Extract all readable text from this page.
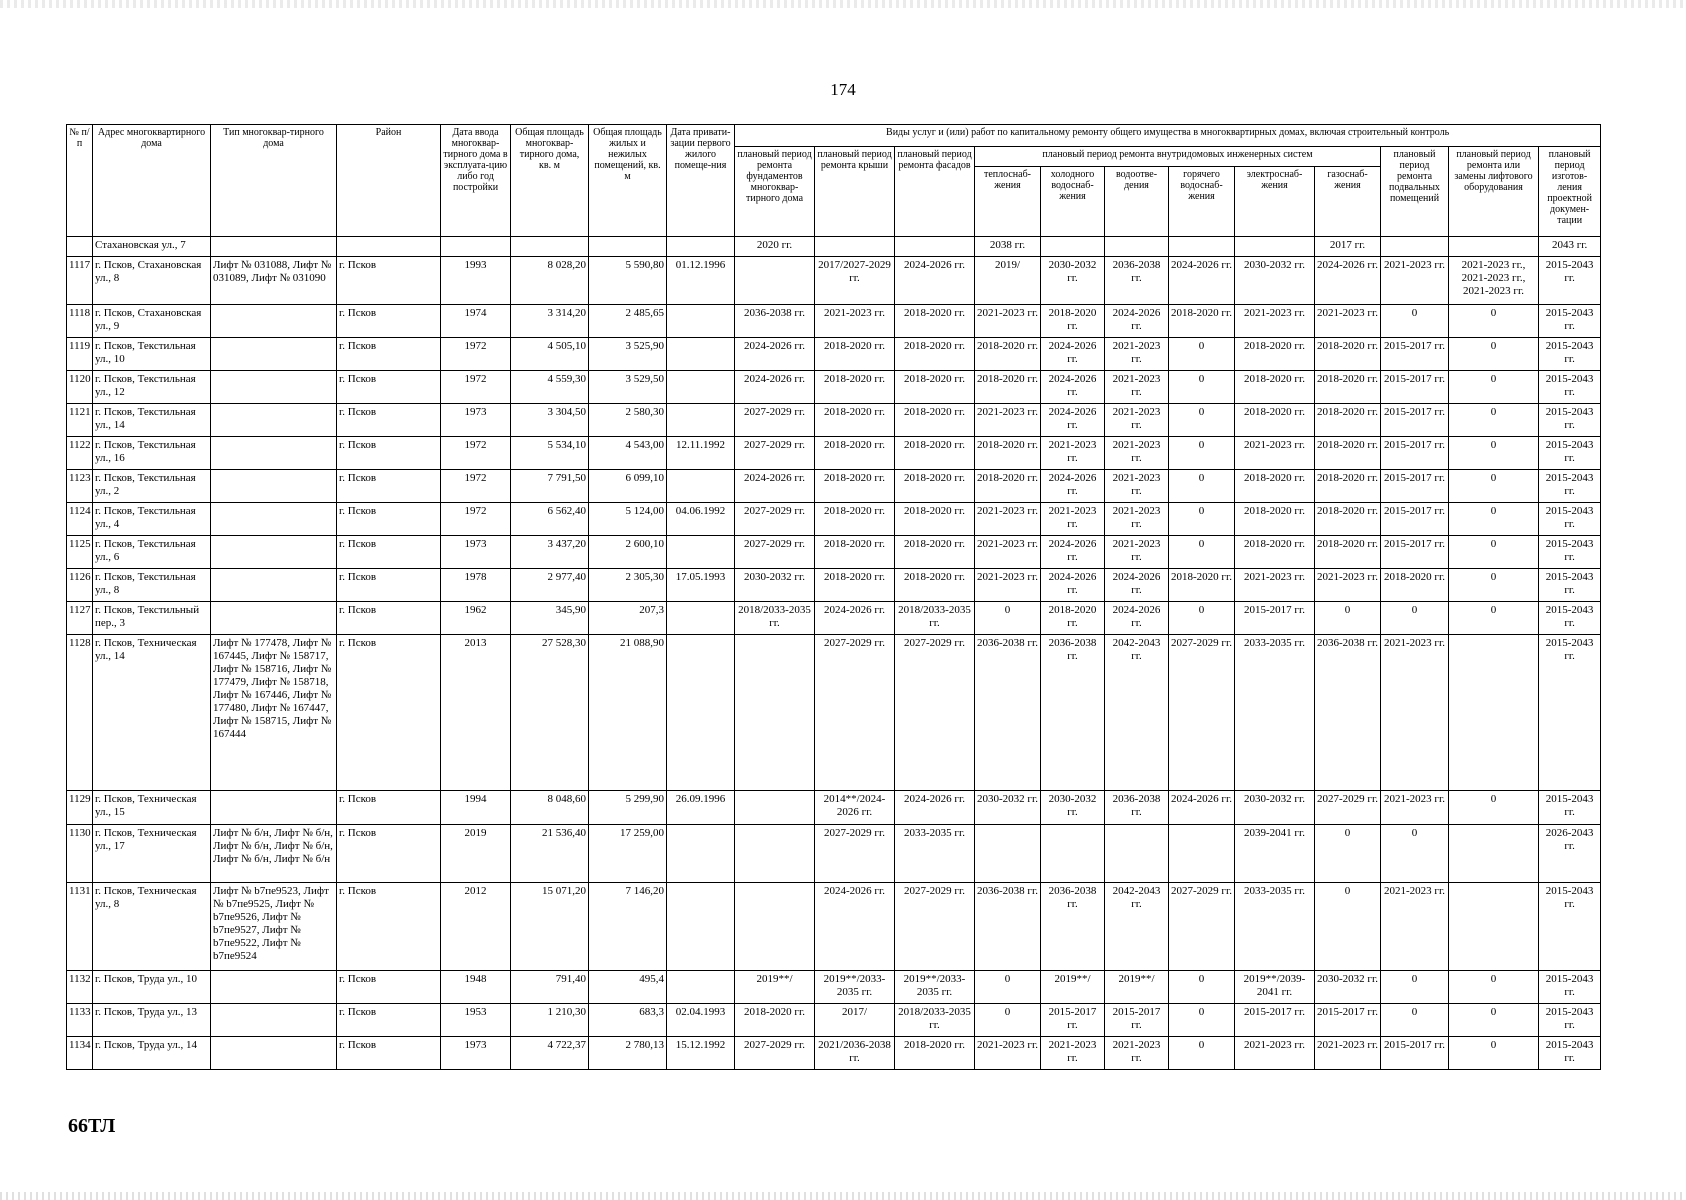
174
№ п/п	Адрес многоквартирного дома	Тип многоквар-тирного дома	Район	Дата ввода многоквар-тирного дома в эксплуата-цию либо год постройки	Общая площадь многоквар-тирного дома, кв. м	Общая площадь жилых и нежилых помещений, кв. м	Дата привати-зации первого жилого помеще-ния	Виды услуг и (или) работ по капитальному ремонту общего имущества в многоквартирных домах, включая строительный контроль											
								плановый период ремонта фундаментов многоквар-тирного дома	плановый период ремонта крыши	плановый период ремонта фасадов	плановый период ремонта внутридомовых инженерных систем						плановый период ремонта подвальных помещений	плановый период ремонта или замены лифтового оборудования	плановый период изготов-ления проектной докумен-тации
											теплоснаб-жения	холодного водоснаб-жения	водоотве-дения	горячего водоснаб-жения	электроснаб-жения	газоснаб-жения			
	Стахановская ул., 7							2020 гг.			2038 гг.					2017 гг.			2043 гг.
1117	г. Псков, Стахановская ул., 8	Лифт № 031088, Лифт № 031089, Лифт № 031090	г. Псков	1993	8 028,20	5 590,80	01.12.1996		2017/2027-2029 гг.	2024-2026 гг.	2019/	2030-2032 гг.	2036-2038 гг.	2024-2026 гг.	2030-2032 гг.	2024-2026 гг.	2021-2023 гг.	2021-2023 гг., 2021-2023 гг., 2021-2023 гг.	2015-2043 гг.
1118	г. Псков, Стахановская ул., 9		г. Псков	1974	3 314,20	2 485,65		2036-2038 гг.	2021-2023 гг.	2018-2020 гг.	2021-2023 гг.	2018-2020 гг.	2024-2026 гг.	2018-2020 гг.	2021-2023 гг.	2021-2023 гг.	0	0	2015-2043 гг.
1119	г. Псков, Текстильная ул., 10		г. Псков	1972	4 505,10	3 525,90		2024-2026 гг.	2018-2020 гг.	2018-2020 гг.	2018-2020 гг.	2024-2026 гг.	2021-2023 гг.	0	2018-2020 гг.	2018-2020 гг.	2015-2017 гг.	0	2015-2043 гг.
1120	г. Псков, Текстильная ул., 12		г. Псков	1972	4 559,30	3 529,50		2024-2026 гг.	2018-2020 гг.	2018-2020 гг.	2018-2020 гг.	2024-2026 гг.	2021-2023 гг.	0	2018-2020 гг.	2018-2020 гг.	2015-2017 гг.	0	2015-2043 гг.
1121	г. Псков, Текстильная ул., 14		г. Псков	1973	3 304,50	2 580,30		2027-2029 гг.	2018-2020 гг.	2018-2020 гг.	2021-2023 гг.	2024-2026 гг.	2021-2023 гг.	0	2018-2020 гг.	2018-2020 гг.	2015-2017 гг.	0	2015-2043 гг.
1122	г. Псков, Текстильная ул., 16		г. Псков	1972	5 534,10	4 543,00	12.11.1992	2027-2029 гг.	2018-2020 гг.	2018-2020 гг.	2018-2020 гг.	2021-2023 гг.	2021-2023 гг.	0	2021-2023 гг.	2018-2020 гг.	2015-2017 гг.	0	2015-2043 гг.
1123	г. Псков, Текстильная ул., 2		г. Псков	1972	7 791,50	6 099,10		2024-2026 гг.	2018-2020 гг.	2018-2020 гг.	2018-2020 гг.	2024-2026 гг.	2021-2023 гг.	0	2018-2020 гг.	2018-2020 гг.	2015-2017 гг.	0	2015-2043 гг.
1124	г. Псков, Текстильная ул., 4		г. Псков	1972	6 562,40	5 124,00	04.06.1992	2027-2029 гг.	2018-2020 гг.	2018-2020 гг.	2021-2023 гг.	2021-2023 гг.	2021-2023 гг.	0	2018-2020 гг.	2018-2020 гг.	2015-2017 гг.	0	2015-2043 гг.
1125	г. Псков, Текстильная ул., 6		г. Псков	1973	3 437,20	2 600,10		2027-2029 гг.	2018-2020 гг.	2018-2020 гг.	2021-2023 гг.	2024-2026 гг.	2021-2023 гг.	0	2018-2020 гг.	2018-2020 гг.	2015-2017 гг.	0	2015-2043 гг.
1126	г. Псков, Текстильная ул., 8		г. Псков	1978	2 977,40	2 305,30	17.05.1993	2030-2032 гг.	2018-2020 гг.	2018-2020 гг.	2021-2023 гг.	2024-2026 гг.	2024-2026 гг.	2018-2020 гг.	2021-2023 гг.	2021-2023 гг.	2018-2020 гг.	0	2015-2043 гг.
1127	г. Псков, Текстильный пер., 3		г. Псков	1962	345,90	207,3		2018/2033-2035 гг.	2024-2026 гг.	2018/2033-2035 гг.	0	2018-2020 гг.	2024-2026 гг.	0	2015-2017 гг.	0	0	0	2015-2043 гг.
1128	г. Псков, Техническая ул., 14	Лифт № 177478, Лифт № 167445, Лифт № 158717, Лифт № 158716, Лифт № 177479, Лифт № 158718, Лифт № 167446, Лифт № 177480, Лифт № 167447, Лифт № 158715, Лифт № 167444	г. Псков	2013	27 528,30	21 088,90			2027-2029 гг.	2027-2029 гг.	2036-2038 гг.	2036-2038 гг.	2042-2043 гг.	2027-2029 гг.	2033-2035 гг.	2036-2038 гг.	2021-2023 гг.		2015-2043 гг.
1129	г. Псков, Техническая ул., 15		г. Псков	1994	8 048,60	5 299,90	26.09.1996		2014**/2024-2026 гг.	2024-2026 гг.	2030-2032 гг.	2030-2032 гг.	2036-2038 гг.	2024-2026 гг.	2030-2032 гг.	2027-2029 гг.	2021-2023 гг.	0	2015-2043 гг.
1130	г. Псков, Техническая ул., 17	Лифт № б/н, Лифт № б/н, Лифт № б/н, Лифт № б/н, Лифт № б/н, Лифт № б/н	г. Псков	2019	21 536,40	17 259,00			2027-2029 гг.	2033-2035 гг.					2039-2041 гг.	0	0		2026-2043 гг.
1131	г. Псков, Техническая ул., 8	Лифт № b7пе9523, Лифт № b7пе9525, Лифт № b7пе9526, Лифт № b7пе9527, Лифт № b7пе9522, Лифт № b7пе9524	г. Псков	2012	15 071,20	7 146,20			2024-2026 гг.	2027-2029 гг.	2036-2038 гг.	2036-2038 гг.	2042-2043 гг.	2027-2029 гг.	2033-2035 гг.	0	2021-2023 гг.		2015-2043 гг.
1132	г. Псков, Труда ул., 10		г. Псков	1948	791,40	495,4		2019**/	2019**/2033-2035 гг.	2019**/2033-2035 гг.	0	2019**/	2019**/	0	2019**/2039-2041 гг.	2030-2032 гг.	0	0	2015-2043 гг.
1133	г. Псков, Труда ул., 13		г. Псков	1953	1 210,30	683,3	02.04.1993	2018-2020 гг.	2017/	2018/2033-2035 гг.	0	2015-2017 гг.	2015-2017 гг.	0	2015-2017 гг.	2015-2017 гг.	0	0	2015-2043 гг.
1134	г. Псков, Труда ул., 14		г. Псков	1973	4 722,37	2 780,13	15.12.1992	2027-2029 гг.	2021/2036-2038 гг.	2018-2020 гг.	2021-2023 гг.	2021-2023 гг.	2021-2023 гг.	0	2021-2023 гг.	2021-2023 гг.	2015-2017 гг.	0	2015-2043 гг.
66ТЛ
